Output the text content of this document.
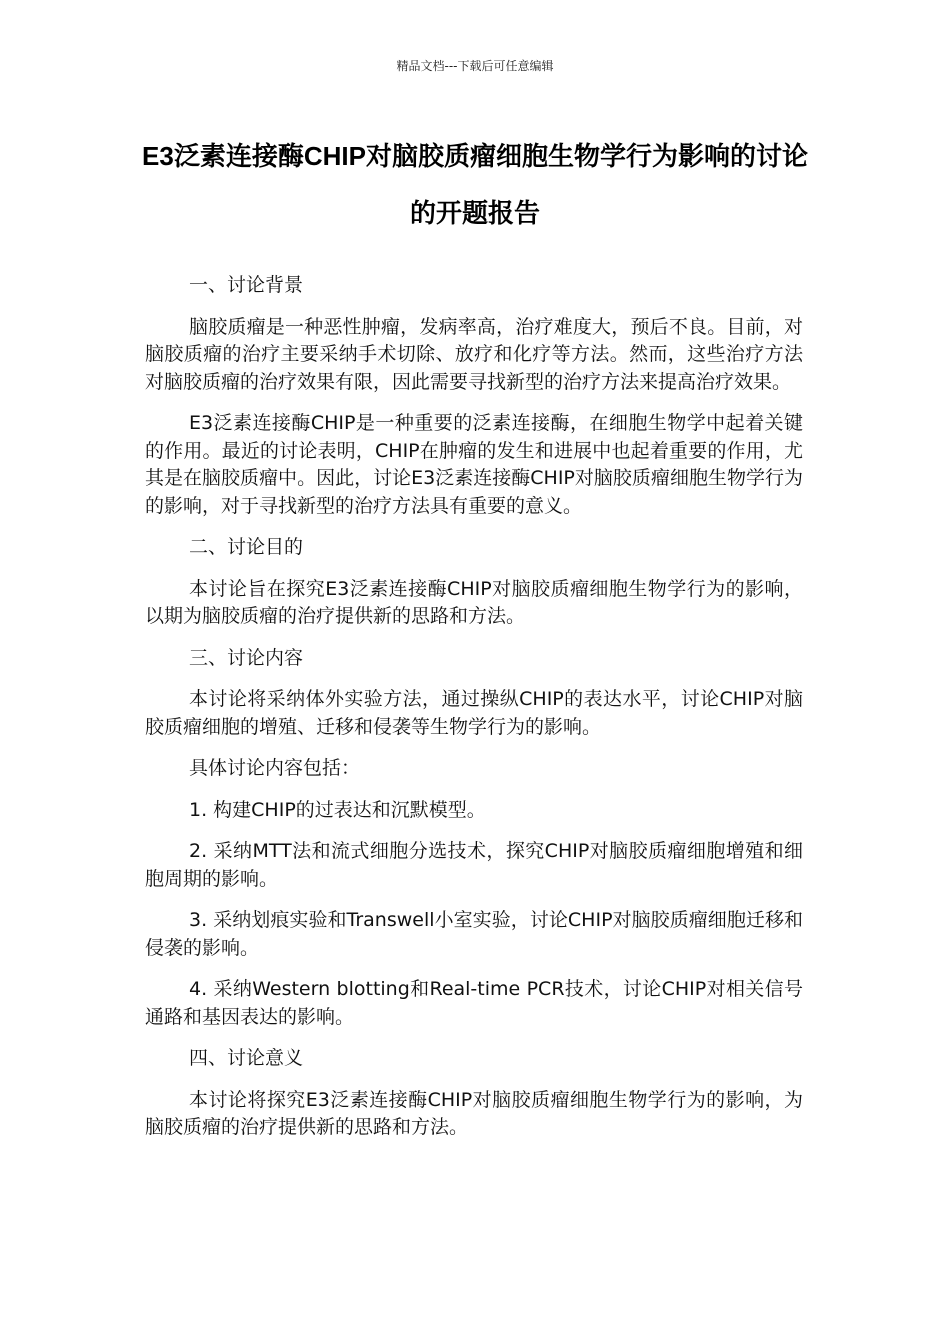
精品文档---下载后可任意编辑
E3泛素连接酶CHIP对脑胶质瘤细胞生物学行为影响的讨论的开题报告

一、讨论背景

脑胶质瘤是一种恶性肿瘤，发病率高，治疗难度大，预后不良。目前，对脑胶质瘤的治疗主要采纳手术切除、放疗和化疗等方法。然而，这些治疗方法对脑胶质瘤的治疗效果有限，因此需要寻找新型的治疗方法来提高治疗效果。

E3泛素连接酶CHIP是一种重要的泛素连接酶，在细胞生物学中起着关键的作用。最近的讨论表明，CHIP在肿瘤的发生和进展中也起着重要的作用，尤其是在脑胶质瘤中。因此，讨论E3泛素连接酶CHIP对脑胶质瘤细胞生物学行为的影响，对于寻找新型的治疗方法具有重要的意义。

二、讨论目的

本讨论旨在探究E3泛素连接酶CHIP对脑胶质瘤细胞生物学行为的影响，以期为脑胶质瘤的治疗提供新的思路和方法。

三、讨论内容

本讨论将采纳体外实验方法，通过操纵CHIP的表达水平，讨论CHIP对脑胶质瘤细胞的增殖、迁移和侵袭等生物学行为的影响。

具体讨论内容包括：

1. 构建CHIP的过表达和沉默模型。

2. 采纳MTT法和流式细胞分选技术，探究CHIP对脑胶质瘤细胞增殖和细胞周期的影响。

3. 采纳划痕实验和Transwell小室实验，讨论CHIP对脑胶质瘤细胞迁移和侵袭的影响。

4. 采纳Western blotting和Real-time PCR技术，讨论CHIP对相关信号通路和基因表达的影响。

四、讨论意义

本讨论将探究E3泛素连接酶CHIP对脑胶质瘤细胞生物学行为的影响，为脑胶质瘤的治疗提供新的思路和方法。
